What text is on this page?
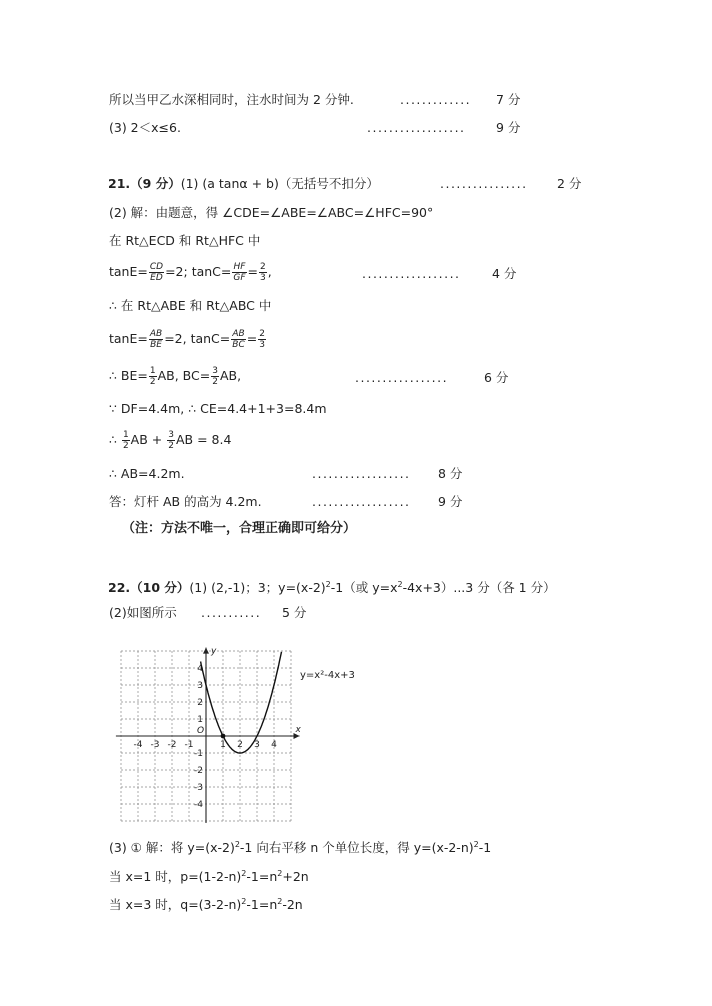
所以当甲乙水深相同时，注水时间为 2 分钟.	............. 7 分
(3) 2＜x≤6.	.................. 9 分
21.（9 分）(1) (a tanα + b)（无括号不扣分）	................ 2 分
(2) 解：由题意，得 ∠CDE=∠ABE=∠ABC=∠HFC=90°
在 Rt△ECD 和 Rt△HFC 中
$\tan E= \frac{CD}{ED} =2$; $\tan C= \frac{HF}{GF} = \frac{2}{3}$ ,	..................	4 分
∴ 在 Rt△ABE 和 Rt△ABC 中
$\tan E= \frac{AB}{BE} =2$, $\tan C= \frac{AB}{BC} = \frac{2}{3}$
∴ $BE= \frac{1}{2}$ AB, $BC= \frac{3}{2}$ AB,	.................	6 分
∵ DF=4.4m, ∴ CE=4.4+1+3=8.4m
∴ $\frac{1}{2}$ AB + $\frac{3}{2}$ AB = 8.4
∴ AB=4.2m.	.................. 8 分
答：灯杆 AB 的高为 4.2m.	.................. 9 分
（注：方法不唯一，合理正确即可给分）
22.（10 分）(1) (2,-1)；3；$y=(x-2)^2-1$（或 $y=x^2-4x+3)...3$ 分（各 1 分）
(2)如图所示 ........... 5 分
x
y
O
-4 -3 -2 -1	1 2 3 4
4
3
2
1
-1
-2
-3
-4
y=x²-4x+3
(3) ① 解：将 $y=(x-2)^2-1$ 向右平移 n 个单位长度，得 $y=(x-2-n)^2-1$
当 x=1 时，$p=(1-2-n)^2-1=n^2+2n$
当 x=3 时，$q=(3-2-n)^2-1=n^2-2n$
